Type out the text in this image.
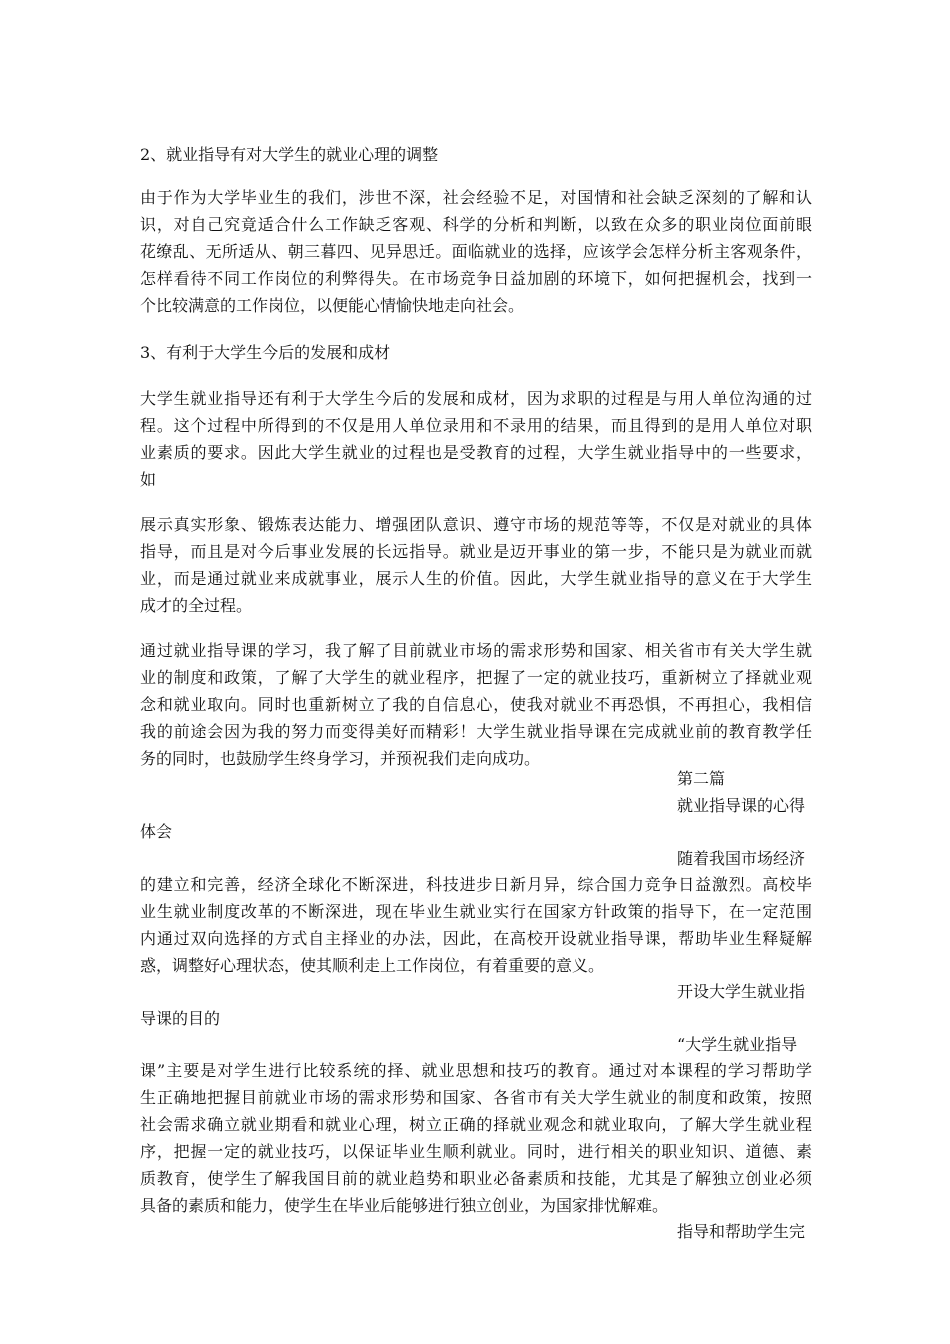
2、就业指导有对大学生的就业心理的调整
由于作为大学毕业生的我们，涉世不深，社会经验不足，对国情和社会缺乏深刻的了解和认
识，对自己究竟适合什么工作缺乏客观、科学的分析和判断，以致在众多的职业岗位面前眼
花缭乱、无所适从、朝三暮四、见异思迁。面临就业的选择，应该学会怎样分析主客观条件，
怎样看待不同工作岗位的利弊得失。在市场竞争日益加剧的环境下，如何把握机会，找到一
个比较满意的工作岗位，以便能心情愉快地走向社会。
3、有利于大学生今后的发展和成材
大学生就业指导还有利于大学生今后的发展和成材，因为求职的过程是与用人单位沟通的过
程。这个过程中所得到的不仅是用人单位录用和不录用的结果，而且得到的是用人单位对职
业素质的要求。因此大学生就业的过程也是受教育的过程，大学生就业指导中的一些要求，
如
展示真实形象、锻炼表达能力、增强团队意识、遵守市场的规范等等，不仅是对就业的具体
指导，而且是对今后事业发展的长远指导。就业是迈开事业的第一步，不能只是为就业而就
业，而是通过就业来成就事业，展示人生的价值。因此，大学生就业指导的意义在于大学生
成才的全过程。
通过就业指导课的学习，我了解了目前就业市场的需求形势和国家、相关省市有关大学生就
业的制度和政策，了解了大学生的就业程序，把握了一定的就业技巧，重新树立了择就业观
念和就业取向。同时也重新树立了我的自信息心，使我对就业不再恐惧，不再担心，我相信
我的前途会因为我的努力而变得美好而精彩！大学生就业指导课在完成就业前的教育教学任
务的同时，也鼓励学生终身学习，并预祝我们走向成功。
第二篇
就业指导课的心得
体会
随着我国市场经济
的建立和完善，经济全球化不断深进，科技进步日新月异，综合国力竞争日益激烈。高校毕
业生就业制度改革的不断深进，现在毕业生就业实行在国家方针政策的指导下，在一定范围
内通过双向选择的方式自主择业的办法，因此，在高校开设就业指导课，帮助毕业生释疑解
惑，调整好心理状态，使其顺利走上工作岗位，有着重要的意义。
开设大学生就业指
导课的目的
“大学生就业指导
课”主要是对学生进行比较系统的择、就业思想和技巧的教育。通过对本课程的学习帮助学
生正确地把握目前就业市场的需求形势和国家、各省市有关大学生就业的制度和政策，按照
社会需求确立就业期看和就业心理，树立正确的择就业观念和就业取向，了解大学生就业程
序，把握一定的就业技巧，以保证毕业生顺利就业。同时，进行相关的职业知识、道德、素
质教育，使学生了解我国目前的就业趋势和职业必备素质和技能，尤其是了解独立创业必须
具备的素质和能力，使学生在毕业后能够进行独立创业，为国家排忧解难。
指导和帮助学生完
